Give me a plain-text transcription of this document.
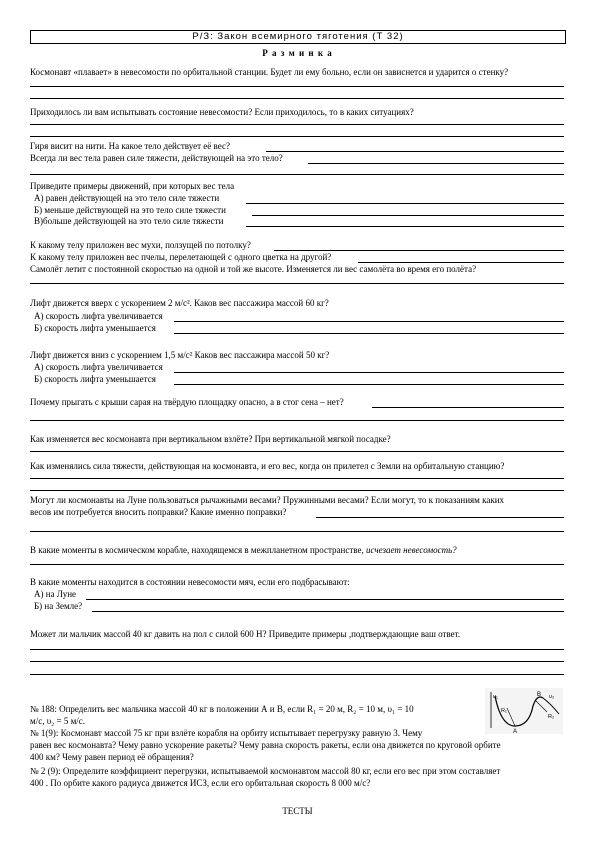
Р/З: Закон всемирного тяготения (Т 32)
Р а з м и н к а
Космонавт «плавает» в невесомости по орбитальной станции. Будет ли ему больно, если он зависнется и ударится о стенку?
Приходилось ли вам испытывать состояние невесомости? Если приходилось, то в каких ситуациях?
Гиря висит на нити. На какое тело действует её вес?
Всегда ли вес тела равен силе тяжести, действующей на это тело?
Приведите примеры движений, при которых вес тела
А) равен действующей на это тело силе тяжести
Б) меньше действующей на это тело силе тяжести
В)больше действующей на это тело силе тяжести
К какому телу приложен вес мухи, ползущей по потолку?
К какому телу приложен вес пчелы, перелетающей с одного цветка на другой?
Самолёт летит с постоянной скоростью на одной и той же высоте. Изменяется ли вес самолёта во время его полёта?
Лифт движется вверх с ускорением 2 м/с². Каков вес пассажира массой 60 кг?
А) скорость лифта увеличивается
Б) скорость лифта уменьшается
Лифт движется вниз с ускорением 1,5 м/с² Каков вес пассажира массой 50 кг?
А) скорость лифта увеличивается
Б) скорость лифта уменьшается
Почему прыгать с крыши сарая на твёрдую площадку опасно, а в стог сена – нет?
Как изменяется вес космонавта при вертикальном взлёте? При вертикальной мягкой посадке?
Как изменялись сила тяжести, действующая на космонавта, и его вес, когда он прилетел с Земли на орбитальную станцию?
Могут ли космонавты на Луне пользоваться рычажными весами? Пружинными весами? Если могут, то к показаниям каких
весов им потребуется вносить поправки? Какие именно поправки?
В какие моменты в космическом корабле, находящемся в межпланетном пространстве, исчезает невесомость?
В какие моменты находится в состоянии невесомости мяч, если его подбрасывают:
А) на Луне
Б) на Земле?
Может ли мальчик массой 40 кг давить на пол с силой 600 Н? Приведите примеры ,подтверждающие ваш ответ.
№ 188: Определить вес мальчика массой 40 кг в положении А и В, если R₁ = 20 м, R₂ = 10 м, υ₁ = 10
м/с, υ₂ = 5 м/с.
№ 1(9): Космонавт массой 75 кг при взлёте корабля на орбиту испытывает перегрузку равную 3. Чему
равен вес космонавта? Чему равно ускорение ракеты? Чему равна скорость ракеты, если она движется по круговой орбите
400 км? Чему равен период её обращения?
№ 2 (9): Определите коэффициент перегрузки, испытываемой космонавтом массой 80 кг, если его вес при этом составляет
400 . По орбите какого радиуса движется ИСЗ, если его орбитальная скорость 8 000 м/с?
A
B
R₁
R₂
υ₁	υ₂
ТЕСТЫ
